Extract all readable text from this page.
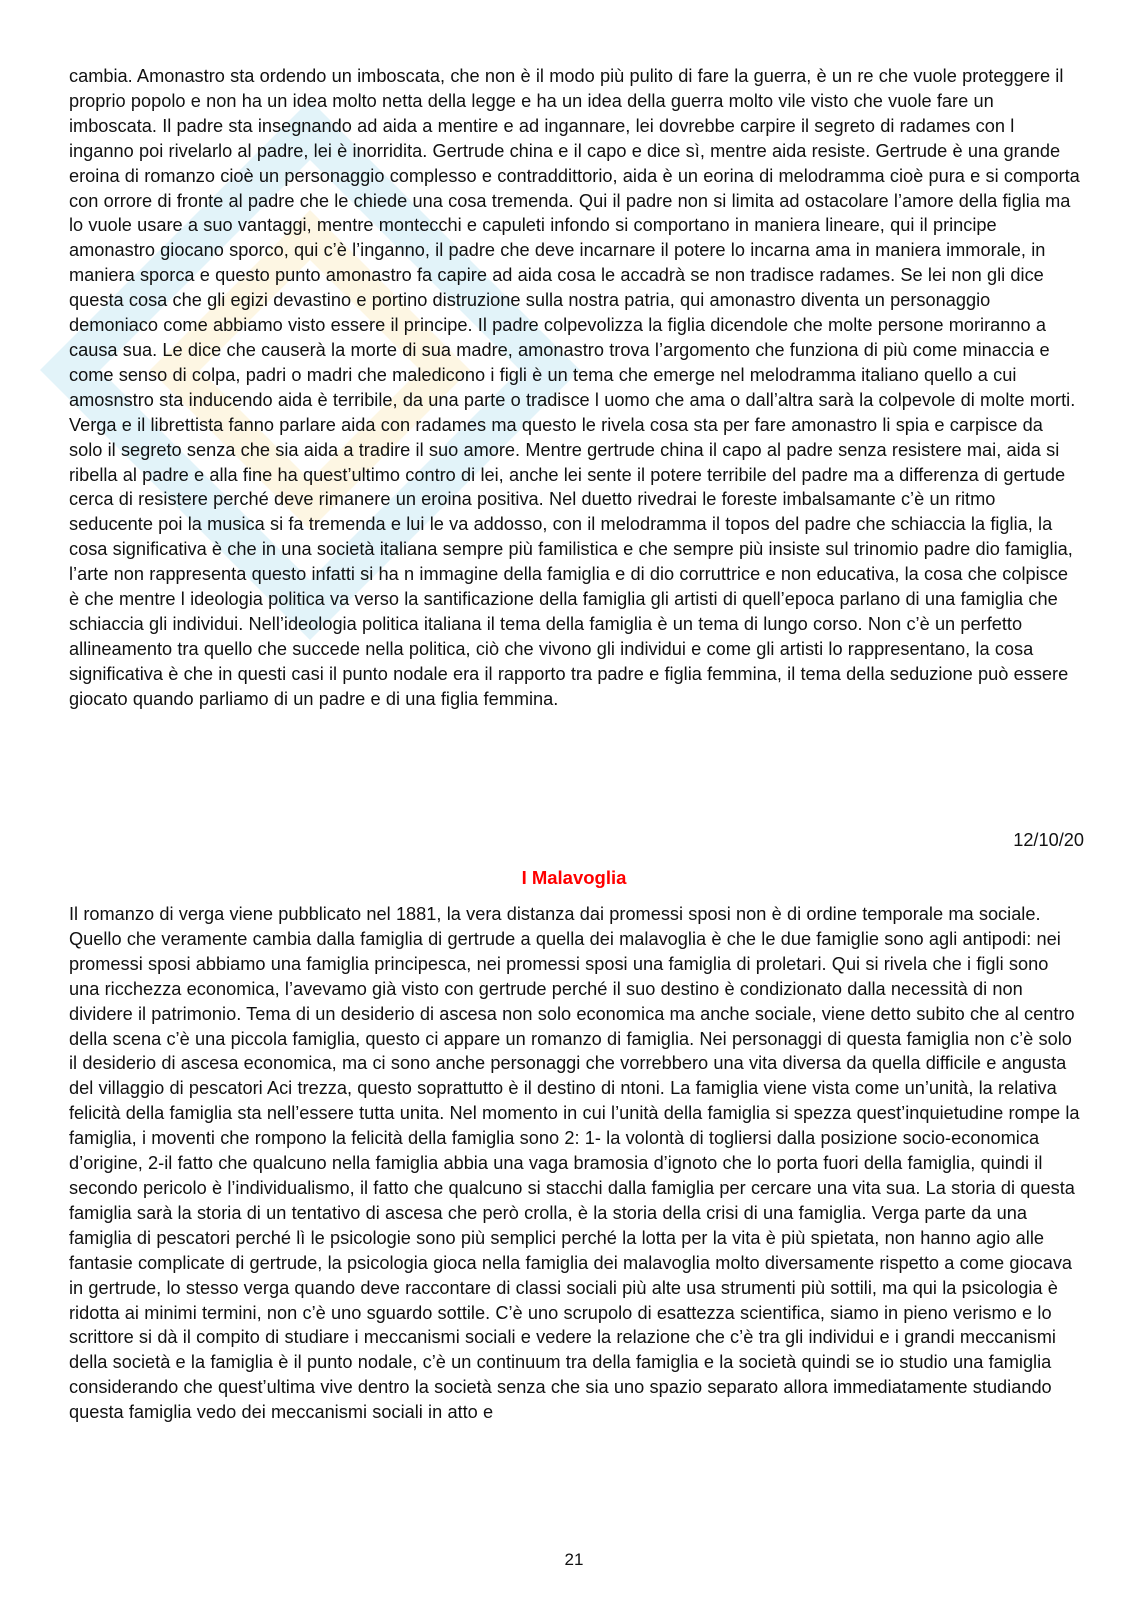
cambia. Amonastro sta ordendo un imboscata, che non è il modo più pulito di fare la guerra, è un re che vuole proteggere il proprio popolo e non ha un idea molto netta della legge e ha un idea della guerra molto vile visto che vuole fare un imboscata. Il padre sta insegnando ad aida a mentire e ad ingannare, lei dovrebbe carpire il segreto di radames con l inganno poi rivelarlo al padre, lei è inorridita. Gertrude china e il capo e dice sì, mentre aida resiste. Gertrude è una grande eroina di romanzo cioè un personaggio complesso e contraddittorio, aida è un eorina di melodramma cioè pura e si comporta con orrore di fronte al padre che le chiede una cosa tremenda. Qui il padre non si limita ad ostacolare l’amore della figlia ma lo vuole usare a suo vantaggi, mentre montecchi e capuleti infondo si comportano in maniera lineare, qui il principe amonastro giocano sporco, qui c’è l’inganno, il padre che deve incarnare il potere lo incarna ama in maniera immorale, in maniera sporca e questo punto amonastro fa capire ad aida cosa le accadrà se non tradisce radames. Se lei non gli dice questa cosa che gli egizi devastino e portino distruzione sulla nostra patria, qui amonastro diventa un personaggio demoniaco come abbiamo visto essere il principe. Il padre colpevolizza la figlia dicendole che molte persone moriranno a causa sua. Le dice che causerà la morte di sua madre, amonastro trova l’argomento che funziona di più come minaccia e come senso di colpa, padri o madri che maledicono i figli è un tema che emerge nel melodramma italiano quello a cui amosnstro sta inducendo aida è terribile, da una parte o tradisce l uomo che ama o dall’altra sarà la colpevole di molte morti. Verga e il librettista fanno parlare aida con radames ma questo le rivela cosa sta per fare amonastro li spia e carpisce da solo il segreto senza che sia aida a tradire il suo amore. Mentre gertrude china il capo al padre senza resistere mai, aida si ribella al padre e alla fine ha quest’ultimo contro di lei, anche lei sente il potere terribile del padre ma a differenza di gertude cerca di resistere perché deve rimanere un eroina positiva. Nel duetto rivedrai le foreste imbalsamante c’è un ritmo seducente poi la musica si fa tremenda e lui le va addosso, con il melodramma il topos del padre che schiaccia la figlia, la cosa significativa è che in una società italiana sempre più familistica e che sempre più insiste sul trinomio padre dio famiglia, l’arte non rappresenta questo infatti si ha n immagine della famiglia e di dio corruttrice e non educativa, la cosa che colpisce è che mentre l ideologia politica va verso la santificazione della famiglia gli artisti di quell’epoca parlano di una famiglia che schiaccia gli individui. Nell’ideologia politica italiana il tema della famiglia è un tema di lungo corso. Non c’è un perfetto allineamento tra quello che succede nella politica, ciò che vivono gli individui e come gli artisti lo rappresentano, la cosa significativa è che in questi casi il punto nodale era il rapporto tra padre e figlia femmina, il tema della seduzione può essere giocato quando parliamo di un padre e di una figlia femmina.

12/10/20

I Malavoglia

Il romanzo di verga viene pubblicato nel 1881, la vera distanza dai promessi sposi non è di ordine temporale ma sociale. Quello che veramente cambia dalla famiglia di gertrude a quella dei malavoglia è che le due famiglie sono agli antipodi: nei promessi sposi abbiamo una famiglia principesca, nei promessi sposi una famiglia di proletari. Qui si rivela che i figli sono una ricchezza economica, l’avevamo già visto con gertrude perché il suo destino è condizionato dalla necessità di non dividere il patrimonio. Tema di un desiderio di ascesa non solo economica ma anche sociale, viene detto subito che al centro della scena c’è una piccola famiglia, questo ci appare un romanzo di famiglia. Nei personaggi di questa famiglia non c’è solo il desiderio di ascesa economica, ma ci sono anche personaggi che vorrebbero una vita diversa da quella difficile e angusta del villaggio di pescatori Aci trezza, questo soprattutto è il destino di ntoni. La famiglia viene vista come un’unità, la relativa felicità della famiglia sta nell’essere tutta unita. Nel momento in cui l’unità della famiglia si spezza quest’inquietudine rompe la famiglia, i moventi che rompono la felicità della famiglia sono 2: 1- la volontà di togliersi dalla posizione socio-economica d’origine, 2-il fatto che qualcuno nella famiglia abbia una vaga bramosia d’ignoto che lo porta fuori della famiglia, quindi il secondo pericolo è l’individualismo, il fatto che qualcuno si stacchi dalla famiglia per cercare una vita sua. La storia di questa famiglia sarà la storia di un tentativo di ascesa che però crolla, è la storia della crisi di una famiglia. Verga parte da una famiglia di pescatori perché lì le psicologie sono più semplici perché la lotta per la vita è più spietata, non hanno agio alle fantasie complicate di gertrude, la psicologia gioca nella famiglia dei malavoglia molto diversamente rispetto a come giocava in gertrude, lo stesso verga quando deve raccontare di classi sociali più alte usa strumenti più sottili, ma qui la psicologia è ridotta ai minimi termini, non c’è uno sguardo sottile. C’è uno scrupolo di esattezza scientifica, siamo in pieno verismo e lo scrittore si dà il compito di studiare i meccanismi sociali e vedere la relazione che c’è tra gli individui e i grandi meccanismi della società e la famiglia è il punto nodale, c’è un continuum tra della famiglia e la società quindi se io studio una famiglia considerando che quest’ultima vive dentro la società senza che sia uno spazio separato allora immediatamente studiando questa famiglia vedo dei meccanismi sociali in atto e

21
